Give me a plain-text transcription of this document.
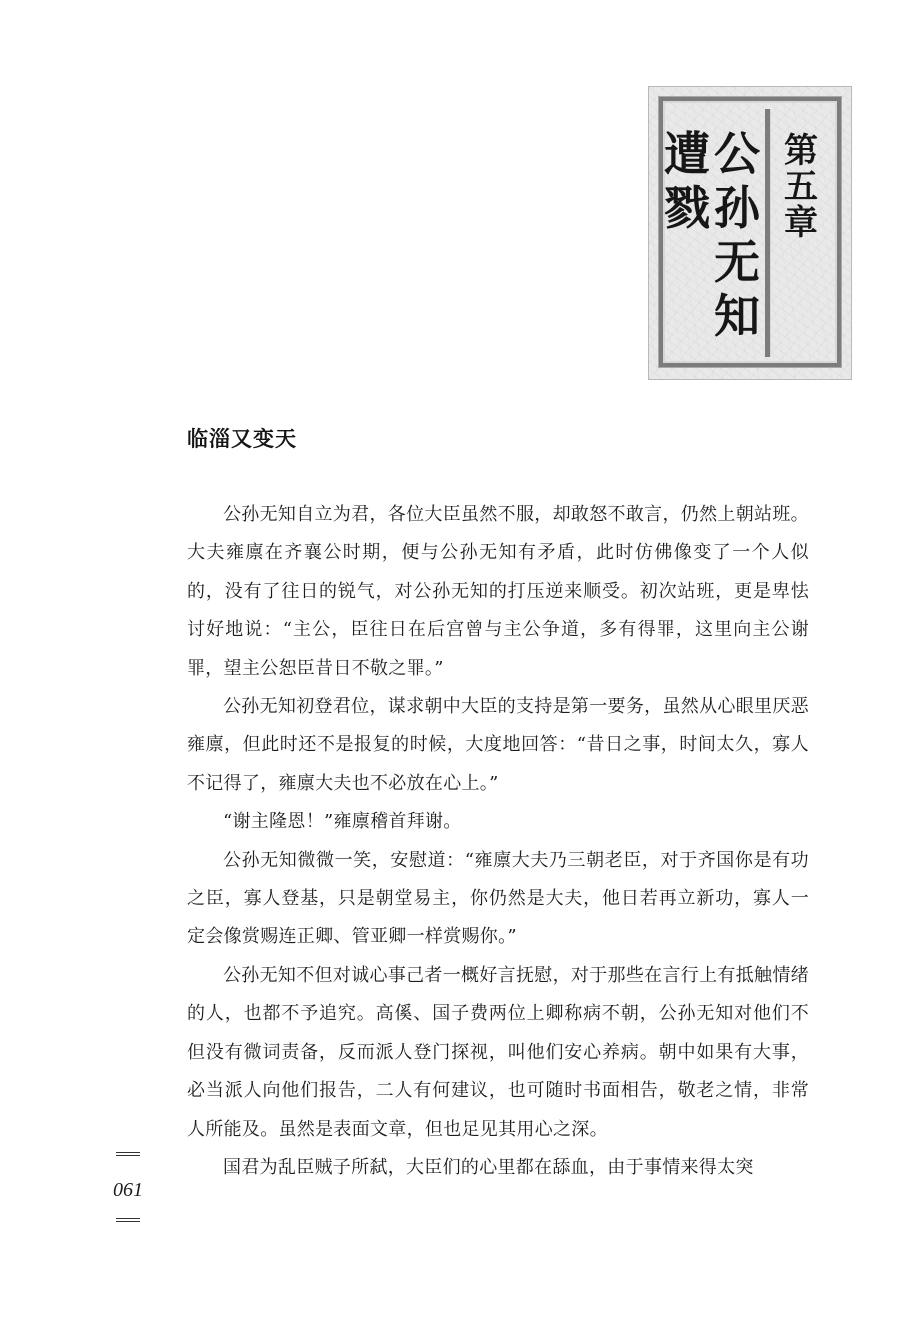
第
五
章
公
孙
无
知
遭
戮
临淄又变天

公孙无知自立为君，各位大臣虽然不服，却敢怒不敢言，仍然上朝站班。大夫雍廪在齐襄公时期，便与公孙无知有矛盾，此时仿佛像变了一个人似的，没有了往日的锐气，对公孙无知的打压逆来顺受。初次站班，更是卑怯讨好地说：“主公，臣往日在后宫曾与主公争道，多有得罪，这里向主公谢罪，望主公恕臣昔日不敬之罪。”

公孙无知初登君位，谋求朝中大臣的支持是第一要务，虽然从心眼里厌恶雍廪，但此时还不是报复的时候，大度地回答：“昔日之事，时间太久，寡人不记得了，雍廪大夫也不必放在心上。”

“谢主隆恩！”雍廪稽首拜谢。

公孙无知微微一笑，安慰道：“雍廪大夫乃三朝老臣，对于齐国你是有功之臣，寡人登基，只是朝堂易主，你仍然是大夫，他日若再立新功，寡人一定会像赏赐连正卿、管亚卿一样赏赐你。”

公孙无知不但对诚心事己者一概好言抚慰，对于那些在言行上有抵触情绪的人，也都不予追究。高傒、国子费两位上卿称病不朝，公孙无知对他们不但没有微词责备，反而派人登门探视，叫他们安心养病。朝中如果有大事，必当派人向他们报告，二人有何建议，也可随时书面相告，敬老之情，非常人所能及。虽然是表面文章，但也足见其用心之深。

国君为乱臣贼子所弑，大臣们的心里都在舔血，由于事情来得太突

061
